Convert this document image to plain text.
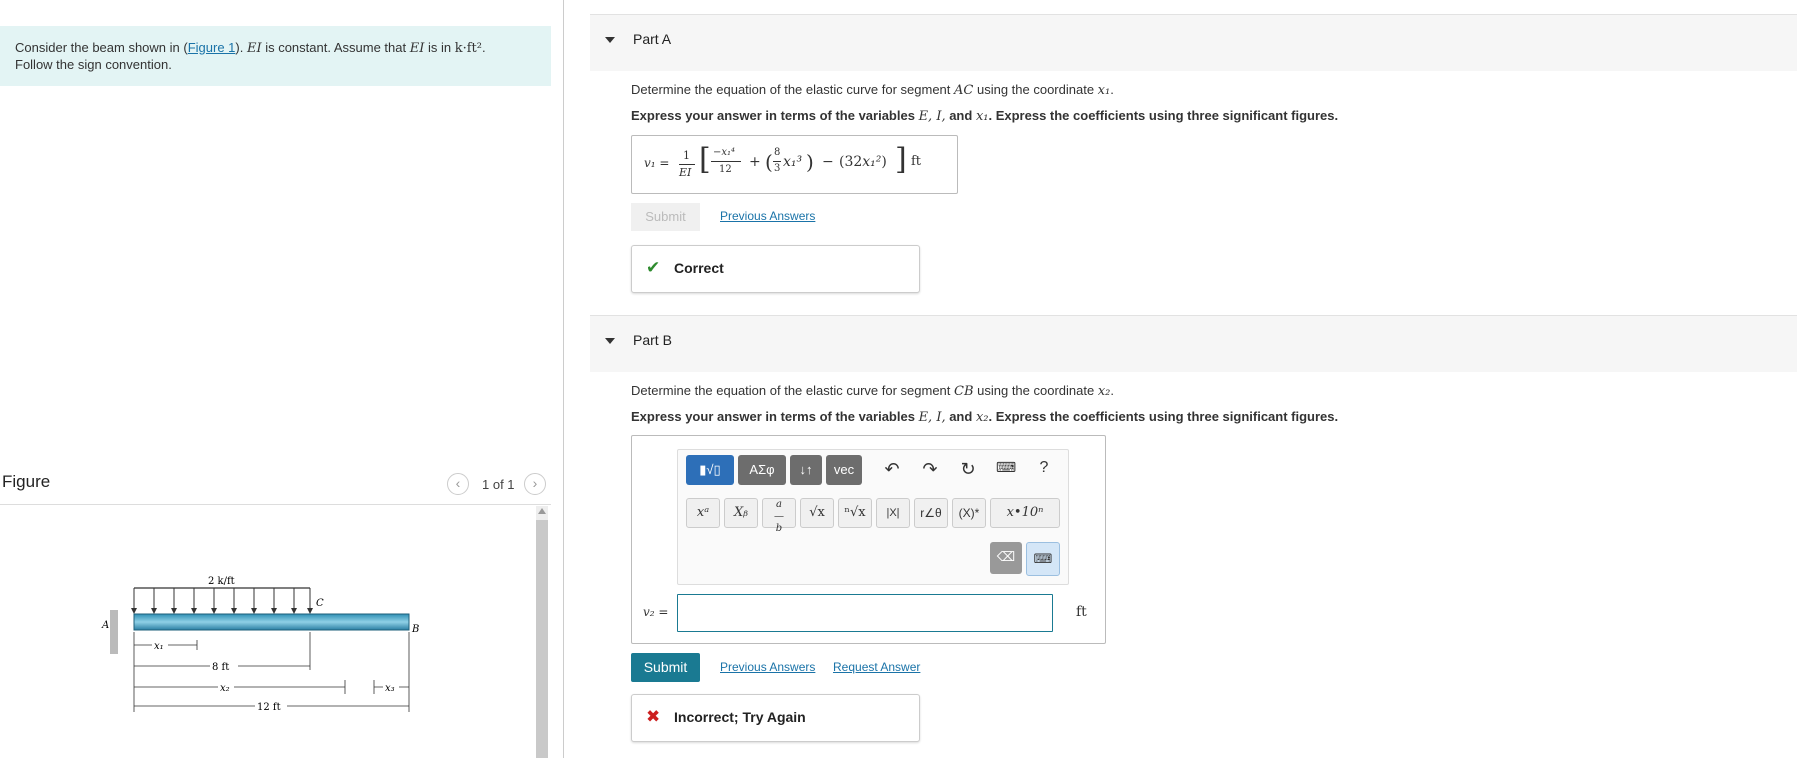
Consider the beam shown in (Figure 1). EI is constant. Assume that EI is in k·ft².
Follow the sign convention.
Figure	‹	1 of 1	›
2 k/ft
A	B
C
x₁
8 ft
x₂	x₃
12 ft
Part A
Determine the equation of the elastic curve for segment AC using the coordinate x₁.
Express your answer in terms of the variables E, I, and x₁. Express the coefficients using three significant figures.
v₁ =
1
EI [ −x₁⁴
12 + ( 8
3 x₁³ ) − (32x₁²) ] ft
Submit	Previous Answers
✔ Correct
Part B
Determine the equation of the elastic curve for segment CB using the coordinate x₂.
Express your answer in terms of the variables E, I, and x₂. Express the coefficients using three significant figures.
▮√▯	ΑΣφ	↓↑	vec	↶ ↷ ↻	⌨	?
xᵃ	Xᵦ
a
—
b
√x	ⁿ√x	|X|	r∠θ	(X)*	x•10ⁿ
⌫	⌨
v₂ =	ft
Submit	Previous Answers Request Answer
✖ Incorrect; Try Again
